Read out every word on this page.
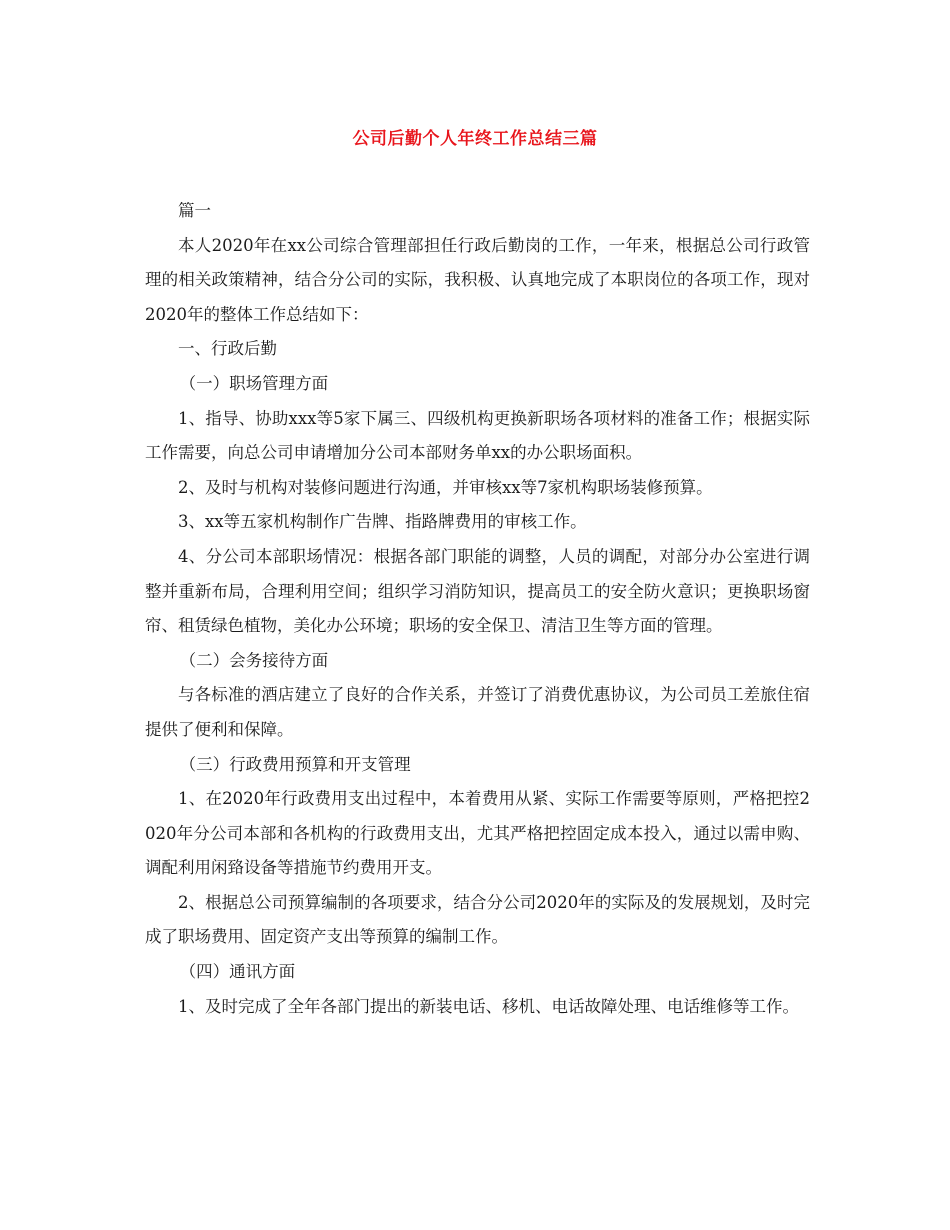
公司后勤个人年终工作总结三篇

篇一

本人2020年在xx公司综合管理部担任行政后勤岗的工作，一年来，根据总公司行政管理的相关政策精神，结合分公司的实际，我积极、认真地完成了本职岗位的各项工作，现对2020年的整体工作总结如下：

一、行政后勤

（一）职场管理方面

1、指导、协助xxx等5家下属三、四级机构更换新职场各项材料的准备工作；根据实际工作需要，向总公司申请增加分公司本部财务单xx的办公职场面积。

2、及时与机构对装修问题进行沟通，并审核xx等7家机构职场装修预算。

3、xx等五家机构制作广告牌、指路牌费用的审核工作。

4、分公司本部职场情况：根据各部门职能的调整，人员的调配，对部分办公室进行调整并重新布局，合理利用空间；组织学习消防知识，提高员工的安全防火意识；更换职场窗帘、租赁绿色植物，美化办公环境；职场的安全保卫、清洁卫生等方面的管理。

（二）会务接待方面

与各标准的酒店建立了良好的合作关系，并签订了消费优惠协议，为公司员工差旅住宿提供了便利和保障。

（三）行政费用预算和开支管理

1、在2020年行政费用支出过程中，本着费用从紧、实际工作需要等原则，严格把控2020年分公司本部和各机构的行政费用支出，尤其严格把控固定成本投入，通过以需申购、调配利用闲臵设备等措施节约费用开支。

2、根据总公司预算编制的各项要求，结合分公司2020年的实际及的发展规划，及时完成了职场费用、固定资产支出等预算的编制工作。

（四）通讯方面

1、及时完成了全年各部门提出的新装电话、移机、电话故障处理、电话维修等工作。
